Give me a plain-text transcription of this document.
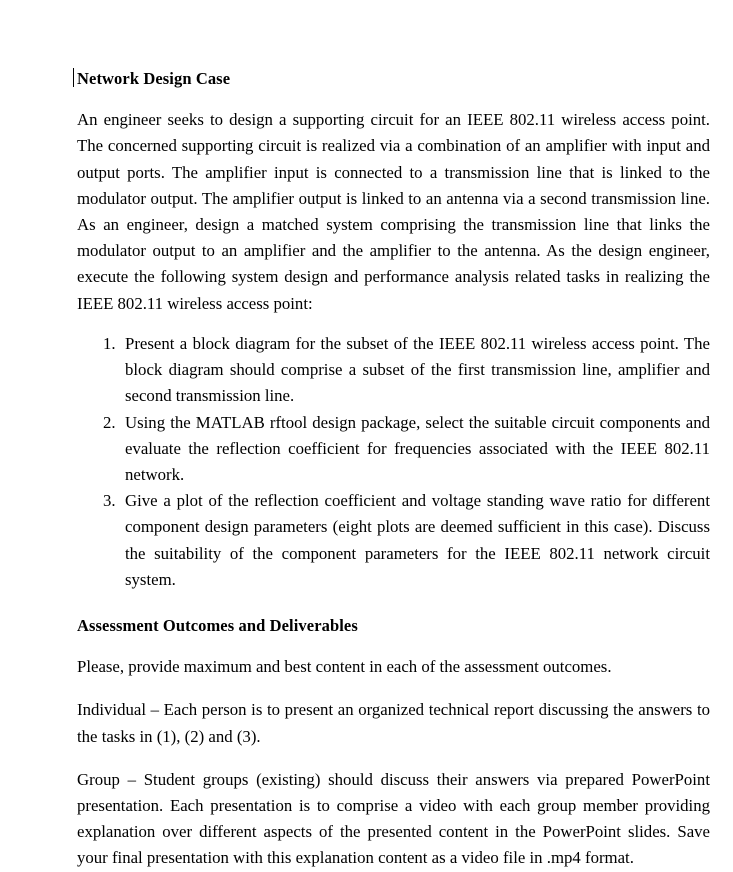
Network Design Case

An engineer seeks to design a supporting circuit for an IEEE 802.11 wireless access point. The concerned supporting circuit is realized via a combination of an amplifier with input and output ports. The amplifier input is connected to a transmission line that is linked to the modulator output. The amplifier output is linked to an antenna via a second transmission line. As an engineer, design a matched system comprising the transmission line that links the modulator output to an amplifier and the amplifier to the antenna. As the design engineer, execute the following system design and performance analysis related tasks in realizing the IEEE 802.11 wireless access point:

1. Present a block diagram for the subset of the IEEE 802.11 wireless access point. The block diagram should comprise a subset of the first transmission line, amplifier and second transmission line.
2. Using the MATLAB rftool design package, select the suitable circuit components and evaluate the reflection coefficient for frequencies associated with the IEEE 802.11 network.
3. Give a plot of the reflection coefficient and voltage standing wave ratio for different component design parameters (eight plots are deemed sufficient in this case). Discuss the suitability of the component parameters for the IEEE 802.11 network circuit system.
Assessment Outcomes and Deliverables

Please, provide maximum and best content in each of the assessment outcomes.

Individual – Each person is to present an organized technical report discussing the answers to the tasks in (1), (2) and (3).

Group – Student groups (existing) should discuss their answers via prepared PowerPoint presentation. Each presentation is to comprise a video with each group member providing explanation over different aspects of the presented content in the PowerPoint slides. Save your final presentation with this explanation content as a video file in .mp4 format.
